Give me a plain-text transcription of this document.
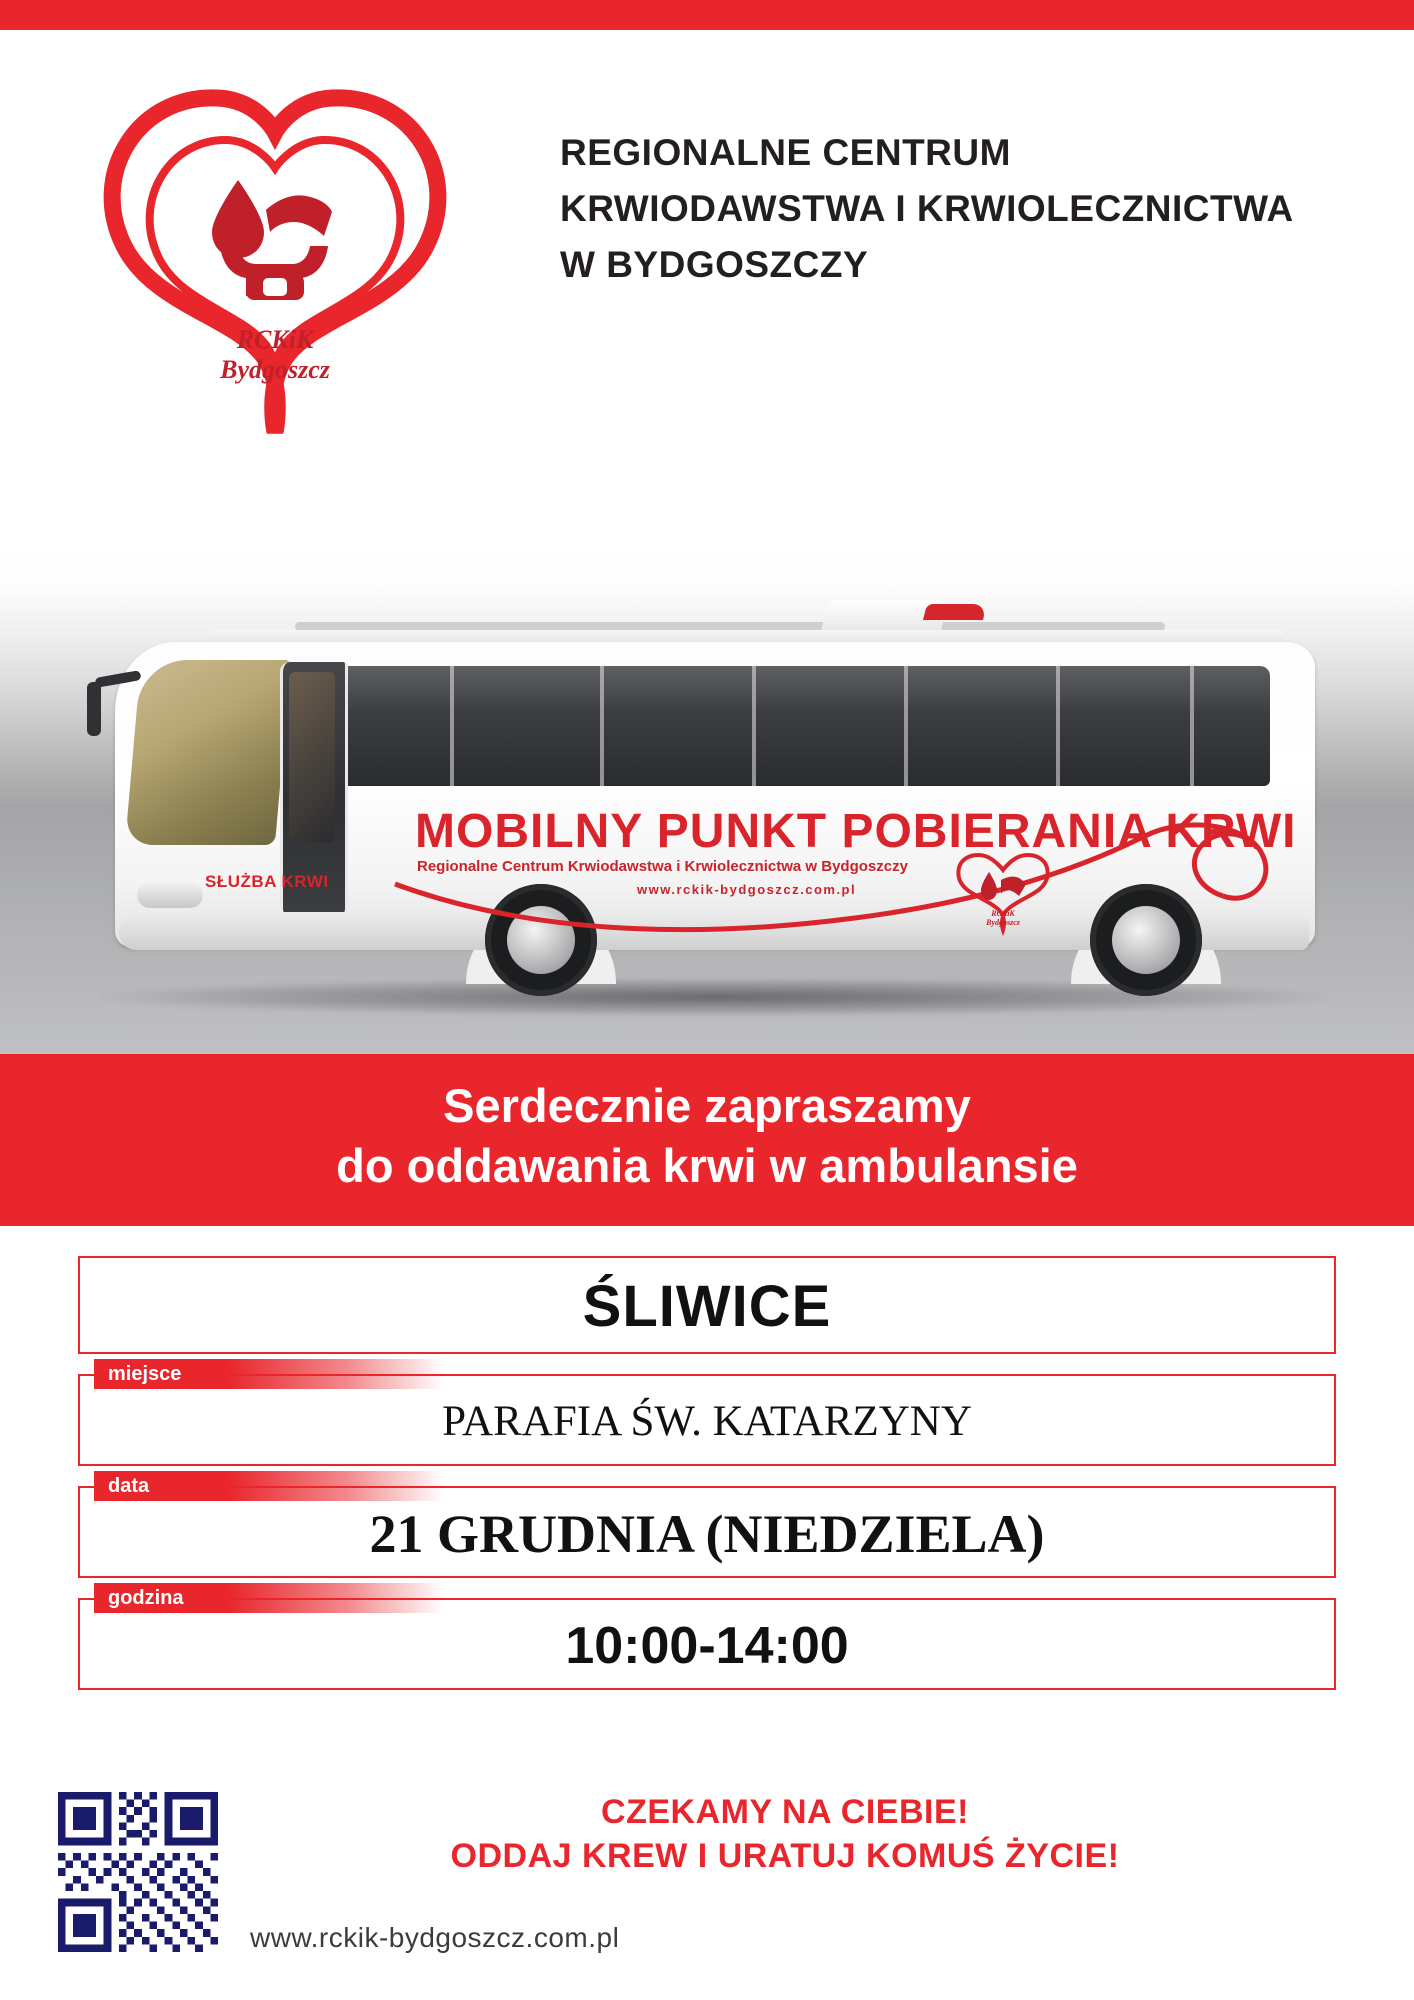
RCKiK
Bydgoszcz
REGIONALNE CENTRUM
KRWIODAWSTWA I KRWIOLECZNICTWA
W BYDGOSZCZY
MOBILNY PUNKT POBIERANIA KRWI
Regionalne Centrum Krwiodawstwa i Krwiolecznictwa w Bydgoszczy
www.rckik-bydgoszcz.com.pl
SŁUŻBA KRWI
RCKiK
Bydgoszcz
Serdecznie zapraszamy
do oddawania krwi w ambulansie
ŚLIWICE
miejsce
PARAFIA ŚW. KATARZYNY
data
21 GRUDNIA (NIEDZIELA)
godzina
10:00-14:00
CZEKAMY NA CIEBIE!
ODDAJ KREW I URATUJ KOMUŚ ŻYCIE!
www.rckik-bydgoszcz.com.pl
